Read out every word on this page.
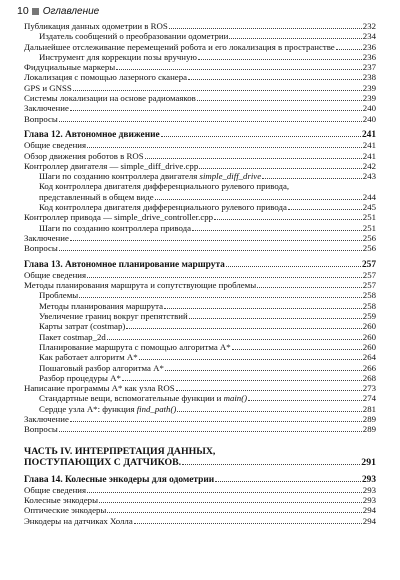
10 Оглавление
Публикация данных одометрии в ROS	232
Издатель сообщений о преобразовании одометрии	234
Дальнейшее отслеживание перемещений робота и его локализация в пространстве	236
Инструмент для коррекции позы вручную	236
Фидуциальные маркеры	237
Локализация с помощью лазерного сканера	238
GPS и GNSS	239
Системы локализации на основе радиомаяков	239
Заключение	240
Вопросы	240
Глава 12. Автономное движение	241
Общие сведения	241
Обзор движения роботов в ROS	241
Контроллер двигателя — simple_diff_drive.cpp	242
Шаги по созданию контроллера двигателя simple_diff_drive	243
Код контроллера двигателя дифференциального рулевого привода,
представленный в общем виде	244
Код контроллера двигателя дифференциального рулевого привода	245
Контроллер привода — simple_drive_controller.cpp	251
Шаги по созданию контроллера привода	251
Заключение	256
Вопросы	256
Глава 13. Автономное планирование маршрута	257
Общие сведения	257
Методы планирования маршрута и сопутствующие проблемы	257
Проблемы	258
Методы планирования маршрута	258
Увеличение границ вокруг препятствий	259
Карты затрат (costmap)	260
Пакет costmap_2d	260
Планирование маршрута с помощью алгоритма A*	260
Как работает алгоритм A*	264
Пошаговый разбор алгоритма A*	266
Разбор процедуры A*	268
Написание программы A* как узла ROS	273
Стандартные вещи, вспомогательные функции и main()	274
Сердце узла A*: функция find_path()	281
Заключение	289
Вопросы	289
ЧАСТЬ IV. ИНТЕРПРЕТАЦИЯ ДАННЫХ,
ПОСТУПАЮЩИХ С ДАТЧИКОВ.	291
Глава 14. Колесные энкодеры для одометрии	293
Общие сведения	293
Колесные энкодеры	293
Оптические энкодеры	294
Энкодеры на датчиках Холла	294
